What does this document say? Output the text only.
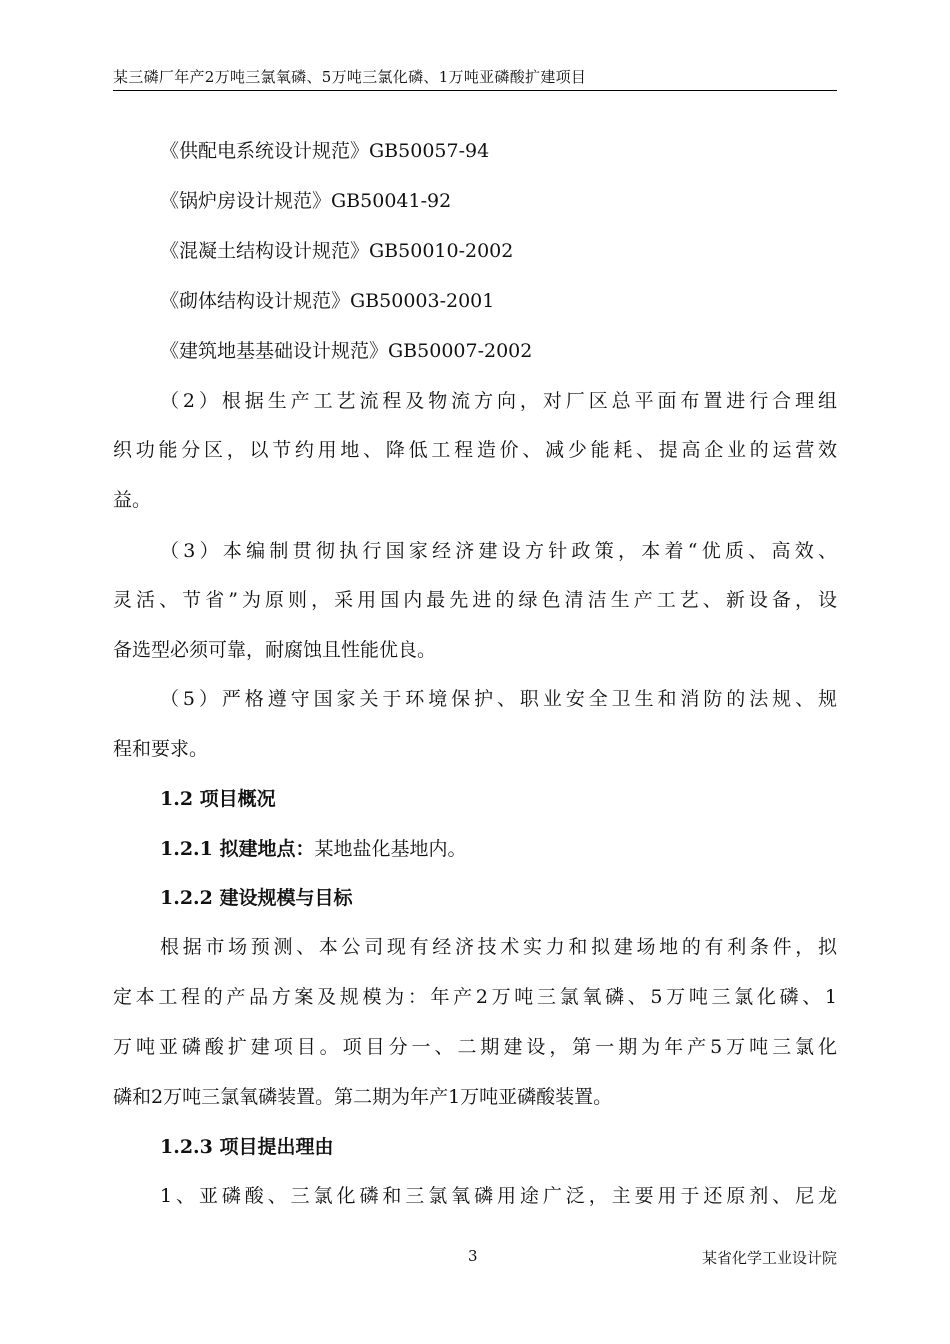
某三磷厂年产2万吨三氯氧磷、5万吨三氯化磷、1万吨亚磷酸扩建项目
《供配电系统设计规范》GB50057-94
《锅炉房设计规范》GB50041-92
《混凝土结构设计规范》GB50010-2002
《砌体结构设计规范》GB50003-2001
《建筑地基基础设计规范》GB50007-2002
（2）根据生产工艺流程及物流方向，对厂区总平面布置进行合理组
织功能分区，以节约用地、降低工程造价、减少能耗、提高企业的运营效
益。
（3）本编制贯彻执行国家经济建设方针政策，本着“优质、高效、
灵活、节省”为原则，采用国内最先进的绿色清洁生产工艺、新设备，设
备选型必须可靠，耐腐蚀且性能优良。
（5）严格遵守国家关于环境保护、职业安全卫生和消防的法规、规
程和要求。
1.2 项目概况
1.2.1 拟建地点：某地盐化基地内。
1.2.2 建设规模与目标
根据市场预测、本公司现有经济技术实力和拟建场地的有利条件，拟
定本工程的产品方案及规模为：年产2万吨三氯氧磷、5万吨三氯化磷、1
万吨亚磷酸扩建项目。项目分一、二期建设，第一期为年产5万吨三氯化
磷和2万吨三氯氧磷装置。第二期为年产1万吨亚磷酸装置。
1.2.3 项目提出理由
1、亚磷酸、三氯化磷和三氯氧磷用途广泛，主要用于还原剂、尼龙
3	某省化学工业设计院
